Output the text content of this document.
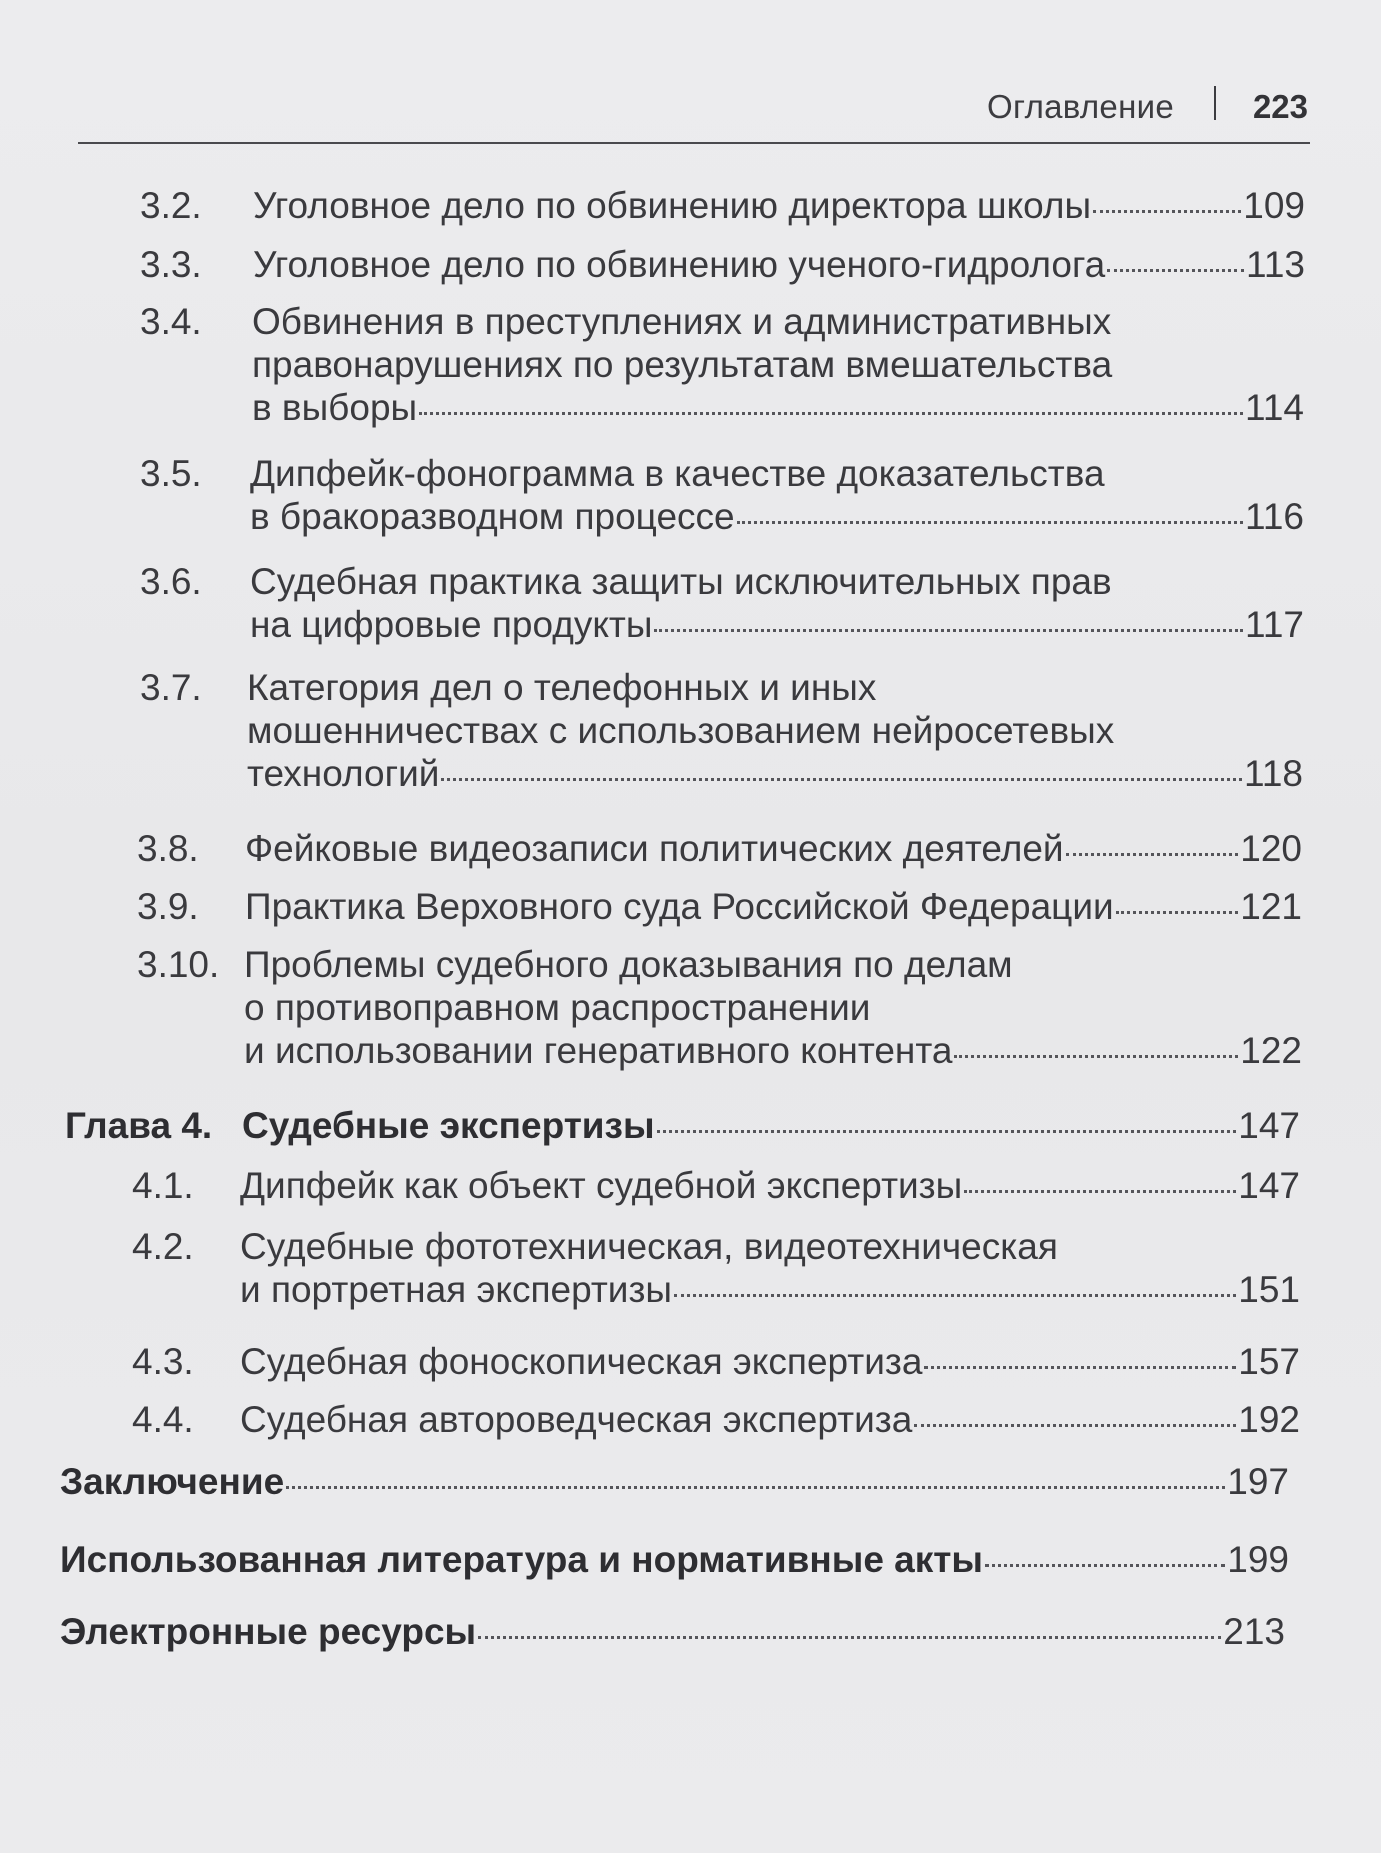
Оглавление 223
3.2. Уголовное дело по обвинению директора школы	109
3.3. Уголовное дело по обвинению ученого-гидролога	113
3.4. Обвинения в преступлениях и административных
правонарушениях по результатам вмешательства
в выборы	114
3.5. Дипфейк-фонограмма в качестве доказательства
в бракоразводном процессе	116
3.6. Судебная практика защиты исключительных прав
на цифровые продукты	117
3.7. Категория дел о телефонных и иных
мошенничествах с использованием нейросетевых
технологий	118
3.8. Фейковые видеозаписи политических деятелей	120
3.9. Практика Верховного суда Российской Федерации	121
3.10. Проблемы судебного доказывания по делам
о противоправном распространении
и использовании генеративного контента	122
Глава 4. Судебные экспертизы	147
4.1. Дипфейк как объект судебной экспертизы	147
4.2. Судебные фототехническая, видеотехническая
и портретная экспертизы	151
4.3. Судебная фоноскопическая экспертиза	157
4.4. Судебная автороведческая экспертиза	192
Заключение	197
Использованная литература и нормативные акты	199
Электронные ресурсы	213
